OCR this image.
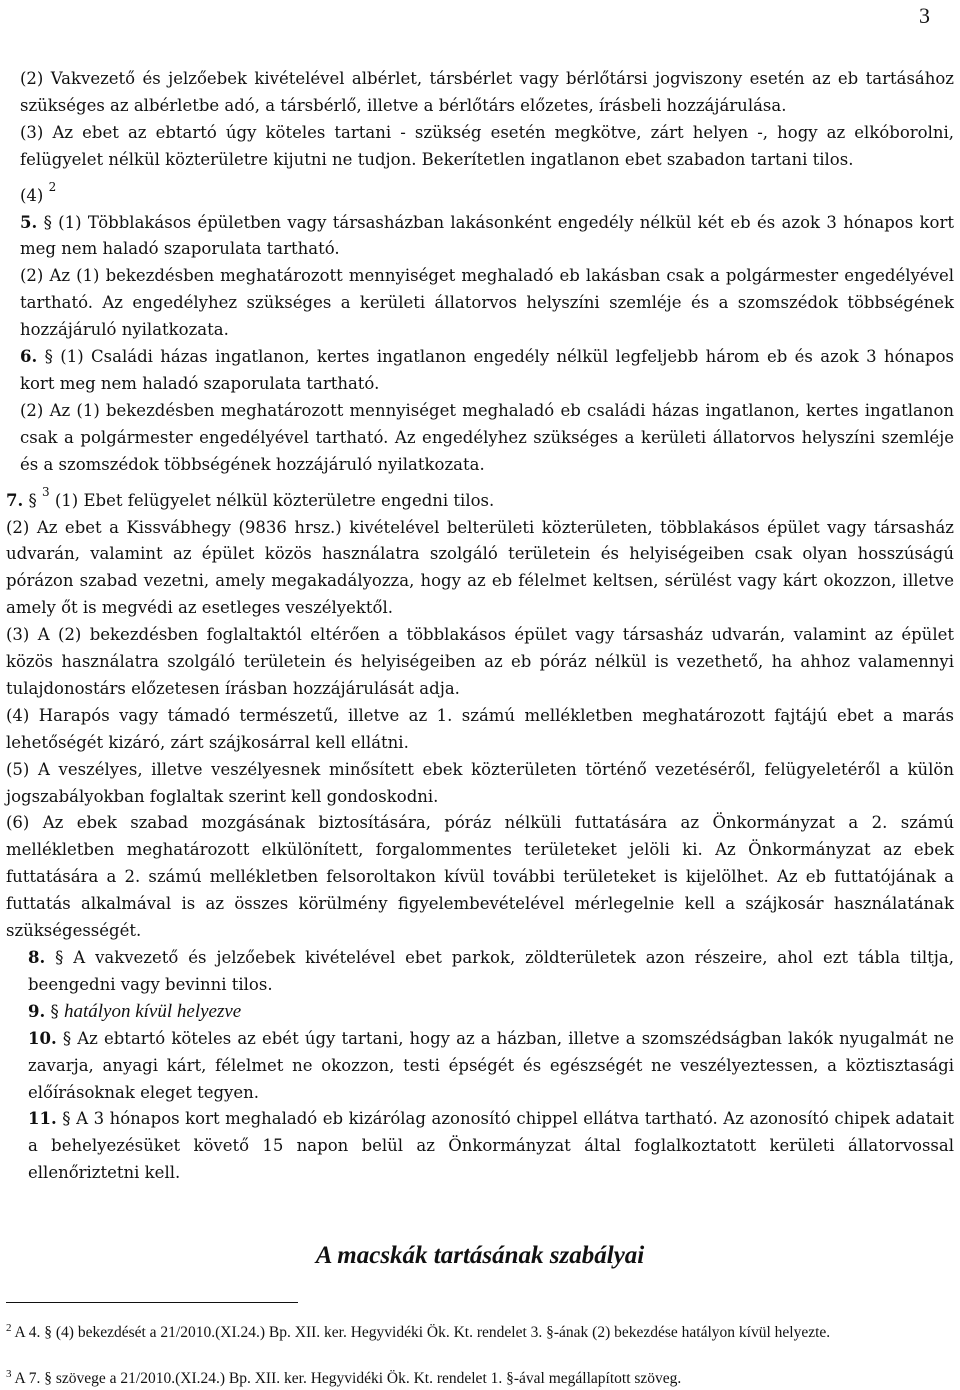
3

(2) Vakvezető és jelzőebek kivételével albérlet, társbérlet vagy bérlőtársi jogviszony esetén az eb tartásához szükséges az albérletbe adó, a társbérlő, illetve a bérlőtárs előzetes, írásbeli hozzájárulása.

(3) Az ebet az ebtartó úgy köteles tartani - szükség esetén megkötve, zárt helyen -, hogy az elkóborolni, felügyelet nélkül közterületre kijutni ne tudjon. Bekerítetlen ingatlanon ebet szabadon tartani tilos.

(4) $^2$

5. § (1) Többlakásos épületben vagy társasházban lakásonként engedély nélkül két eb és azok 3 hónapos kort meg nem haladó szaporulata tartható.

(2) Az (1) bekezdésben meghatározott mennyiséget meghaladó eb lakásban csak a polgármester engedélyével tartható. Az engedélyhez szükséges a kerületi állatorvos helyszíni szemléje és a szomszédok többségének hozzájáruló nyilatkozata.

6. § (1) Családi házas ingatlanon, kertes ingatlanon engedély nélkül legfeljebb három eb és azok 3 hónapos kort meg nem haladó szaporulata tartható.

(2) Az (1) bekezdésben meghatározott mennyiséget meghaladó eb családi házas ingatlanon, kertes ingatlanon csak a polgármester engedélyével tartható. Az engedélyhez szükséges a kerületi állatorvos helyszíni szemléje és a szomszédok többségének hozzájáruló nyilatkozata.

7. § $^3$ (1) Ebet felügyelet nélkül közterületre engedni tilos.

(2) Az ebet a Kissvábhegy (9836 hrsz.) kivételével belterületi közterületen, többlakásos épület vagy társasház udvarán, valamint az épület közös használatra szolgáló területein és helyiségeiben csak olyan hosszúságú pórázon szabad vezetni, amely megakadályozza, hogy az eb félelmet keltsen, sérülést vagy kárt okozzon, illetve amely őt is megvédi az esetleges veszélyektől.

(3) A (2) bekezdésben foglaltaktól eltérően a többlakásos épület vagy társasház udvarán, valamint az épület közös használatra szolgáló területein és helyiségeiben az eb póráz nélkül is vezethető, ha ahhoz valamennyi tulajdonostárs előzetesen írásban hozzájárulását adja.

(4) Harapós vagy támadó természetű, illetve az 1. számú mellékletben meghatározott fajtájú ebet a marás lehetőségét kizáró, zárt szájkosárral kell ellátni.

(5) A veszélyes, illetve veszélyesnek minősített ebek közterületen történő vezetéséről, felügyeletéről a külön jogszabályokban foglaltak szerint kell gondoskodni.

(6) Az ebek szabad mozgásának biztosítására, póráz nélküli futtatására az Önkormányzat a 2. számú mellékletben meghatározott elkülönített, forgalommentes területeket jelöli ki. Az Önkormányzat az ebek futtatására a 2. számú mellékletben felsoroltakon kívül további területeket is kijelölhet. Az eb futtatójának a futtatás alkalmával is az összes körülmény figyelembevételével mérlegelnie kell a szájkosár használatának szükségességét.

8. § A vakvezető és jelzőebek kivételével ebet parkok, zöldterületek azon részeire, ahol ezt tábla tiltja, beengedni vagy bevinni tilos.

9. § hatályon kívül helyezve

10. § Az ebtartó köteles az ebét úgy tartani, hogy az a házban, illetve a szomszédságban lakók nyugalmát ne zavarja, anyagi kárt, félelmet ne okozzon, testi épségét és egészségét ne veszélyeztessen, a köztisztasági előírásoknak eleget tegyen.

11. § A 3 hónapos kort meghaladó eb kizárólag azonosító chippel ellátva tartható. Az azonosító chipek adatait a behelyezésüket követő 15 napon belül az Önkormányzat által foglalkoztatott kerületi állatorvossal ellenőriztetni kell.

A macskák tartásának szabályai
$^2$ A 4. § (4) bekezdését a 21/2010.(XI.24.) Bp. XII. ker. Hegyvidéki Ök. Kt. rendelet 3. §-ának (2) bekezdése hatályon kívül helyezte.
$^3$ A 7. § szövege a 21/2010.(XI.24.) Bp. XII. ker. Hegyvidéki Ök. Kt. rendelet 1. §-ával megállapított szöveg.
